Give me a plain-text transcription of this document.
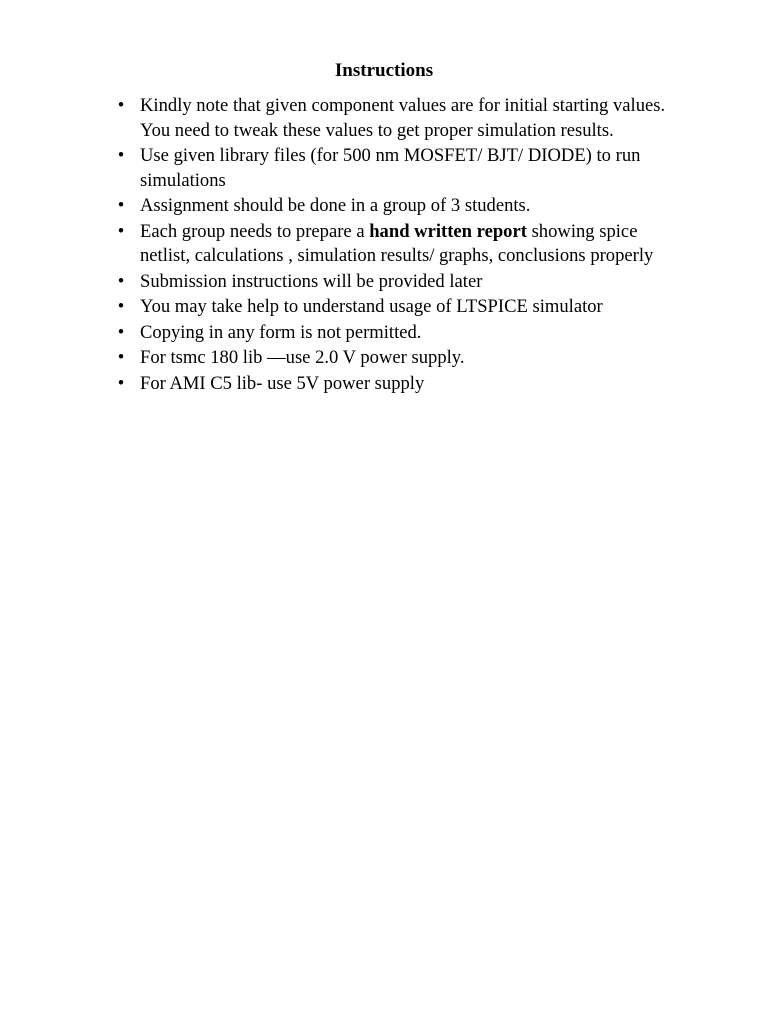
Instructions
•
Kindly note that given component values are for initial starting values. You need to tweak these values to get proper simulation results.
•
Use given library files (for 500 nm MOSFET/ BJT/ DIODE) to run simulations
•
Assignment should be done in a group of 3 students.
•
Each group needs to prepare a hand written report showing spice netlist, calculations , simulation results/ graphs, conclusions properly
•
Submission instructions will be provided later
•
You may take help to understand usage of LTSPICE simulator
•
Copying in any form is not permitted.
•
For tsmc 180 lib —use 2.0 V power supply.
•
For AMI C5 lib- use 5V power supply
